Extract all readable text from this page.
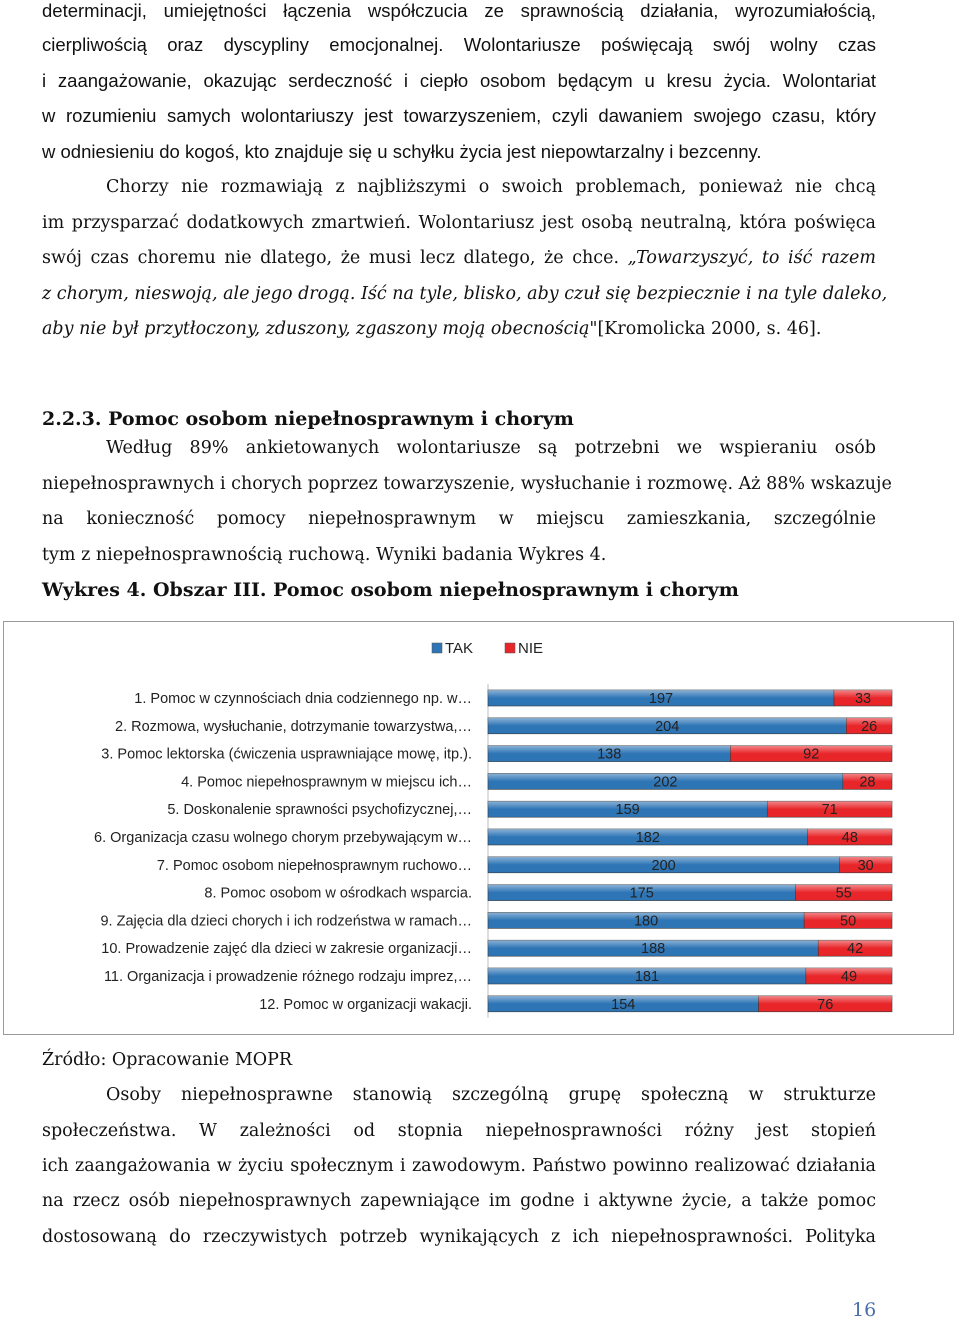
determinacji, umiejętności łączenia współczucia ze sprawnością działania, wyrozumiałością,
cierpliwością oraz dyscypliny emocjonalnej. Wolontariusze poświęcają swój wolny czas
i zaangażowanie, okazując serdeczność i ciepło osobom będącym u kresu życia. Wolontariat
w rozumieniu samych wolontariuszy jest towarzyszeniem, czyli dawaniem swojego czasu, który
w odniesieniu do kogoś, kto znajduje się u schyłku życia jest niepowtarzalny i bezcenny.
Chorzy nie rozmawiają z najbliższymi o swoich problemach, ponieważ nie chcą
im przysparzać dodatkowych zmartwień. Wolontariusz jest osobą neutralną, która poświęca
swój czas choremu nie dlatego, że musi lecz dlatego, że chce. „Towarzyszyć, to iść razem
z chorym, nieswoją, ale jego drogą. Iść na tyle, blisko, aby czuł się bezpiecznie i na tyle daleko,
aby nie był przytłoczony, zduszony, zgaszony moją obecnością"[Kromolicka 2000, s. 46].
2.2.3. Pomoc osobom niepełnosprawnym i chorym
Według 89% ankietowanych wolontariusze są potrzebni we wspieraniu osób
niepełnosprawnych i chorych poprzez towarzyszenie, wysłuchanie i rozmowę. Aż 88% wskazuje
na konieczność pomocy niepełnosprawnym w miejscu zamieszkania, szczególnie
tym z niepełnosprawnością ruchową. Wyniki badania Wykres 4.
Wykres 4. Obszar III. Pomoc osobom niepełnosprawnym i chorym
TAK	NIE
1. Pomoc w czynnościach dnia codziennego np. w…	197	33
2. Rozmowa, wysłuchanie, dotrzymanie towarzystwa,…	204	26
3. Pomoc lektorska (ćwiczenia usprawniające mowę, itp.).	138	92
4. Pomoc niepełnosprawnym w miejscu ich…	202	28
5. Doskonalenie sprawności psychofizycznej,…	159	71
6. Organizacja czasu wolnego chorym przebywającym w…	182	48
7. Pomoc osobom niepełnosprawnym ruchowo…	200	30
8. Pomoc osobom w ośrodkach wsparcia.	175	55
9. Zajęcia dla dzieci chorych i ich rodzeństwa w ramach…	180	50
10. Prowadzenie zajęć dla dzieci w zakresie organizacji…	188	42
11. Organizacja i prowadzenie różnego rodzaju imprez,…	181	49
12. Pomoc w organizacji wakacji.	154	76
Źródło: Opracowanie MOPR
Osoby niepełnosprawne stanowią szczególną grupę społeczną w strukturze
społeczeństwa. W zależności od stopnia niepełnosprawności różny jest stopień
ich zaangażowania w życiu społecznym i zawodowym. Państwo powinno realizować działania
na rzecz osób niepełnosprawnych zapewniające im godne i aktywne życie, a także pomoc
dostosowaną do rzeczywistych potrzeb wynikających z ich niepełnosprawności. Polityka
16
